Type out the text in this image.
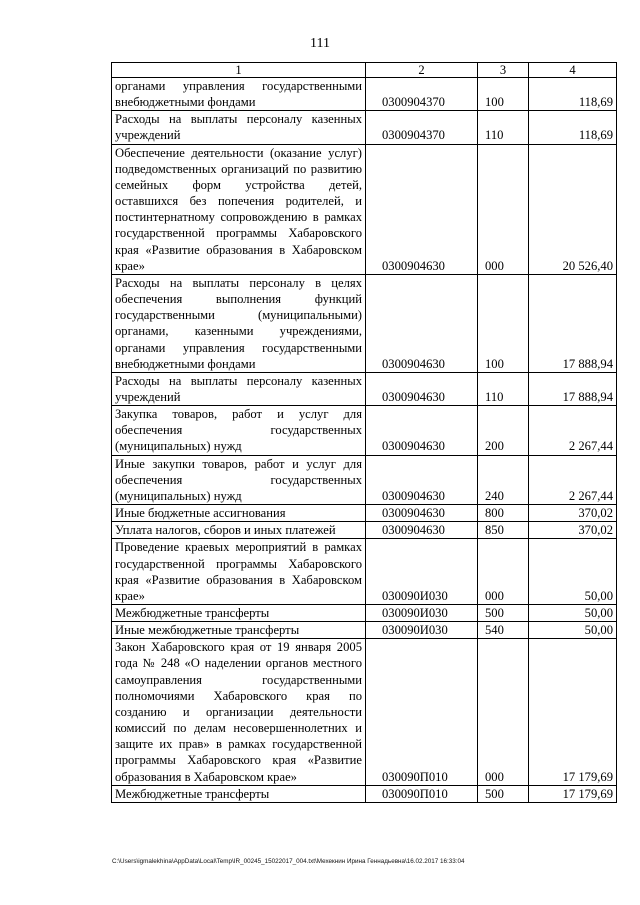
111
1	2	3	4
органами управления государственными внебюджетными фондами	0300904370	100	118,69
Расходы на выплаты персоналу казенных учреждений	0300904370	110	118,69
Обеспечение деятельности (оказание услуг) подведомственных организаций по развитию семейных форм устройства детей, оставшихся без попечения родителей, и постинтернатному сопровождению в рамках государственной программы Хабаровского края «Развитие образования в Хабаровском крае»	0300904630	000	20 526,40
Расходы на выплаты персоналу в целях обеспечения выполнения функций государственными (муниципальными) органами, казенными учреждениями, органами управления государственными внебюджетными фондами	0300904630	100	17 888,94
Расходы на выплаты персоналу казенных учреждений	0300904630	110	17 888,94
Закупка товаров, работ и услуг для обеспечения государственных (муниципальных) нужд	0300904630	200	2 267,44
Иные закупки товаров, работ и услуг для обеспечения государственных (муниципальных) нужд	0300904630	240	2 267,44
Иные бюджетные ассигнования	0300904630	800	370,02
Уплата налогов, сборов и иных платежей	0300904630	850	370,02
Проведение краевых мероприятий в рамках государственной программы Хабаровского края «Развитие образования в Хабаровском крае»	030090И030	000	50,00
Межбюджетные трансферты	030090И030	500	50,00
Иные межбюджетные трансферты	030090И030	540	50,00
Закон Хабаровского края от 19 января 2005 года № 248 «О наделении органов местного самоуправления государственными полномочиями Хабаровского края по созданию и организации деятельности комиссий по делам несовершеннолетних и защите их прав» в рамках государственной программы Хабаровского края «Развитие образования в Хабаровском крае»	030090П010	000	17 179,69
Межбюджетные трансферты	030090П010	500	17 179,69
C:\Users\igmalekhina\AppData\Local\Temp\IR_00245_15022017_004.txt\Мехекнин Ирина Геннадьевна\16.02.2017 16:33:04
